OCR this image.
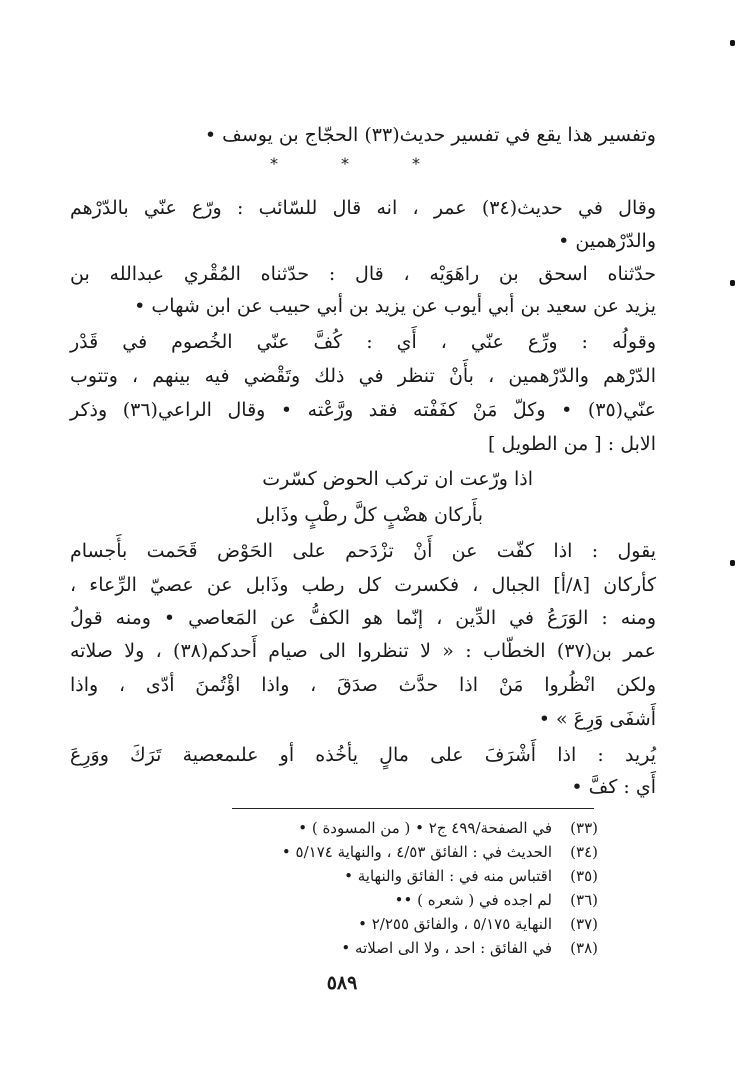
وتفسير هذا يقع في تفسير حديث(٣٣) الحجّاج بن يوسف •
*	*	*
وقال في حديث(٣٤) عمر ، انه قال للسّائب : ورّع عنّي بالدّرْهم
والدّرْهمين •
حدّثناه اسحق بن راهَوَيْه ، قال : حدّثناه المُقْري عبدالله بن
يزيد عن سعيد بن أبي أيوب عن يزيد بن أبي حبيب عن ابن شهاب •
وقولُه : ورِّع عنّي ، أَي : كُفَّ عنّي الخُصوم في قَدْر
الدّرْهم والدّرْهمين ، بأَنْ تنظر في ذلك وتَقْضي فيه بينهم ، وتتوب
عنّي(٣٥) • وكلّ مَنْ كفَفْته فقد ورَّعْته • وقال الراعي(٣٦) وذكر
الابل : [ من الطويل ]
اذا ورّعت ان تركب الحوض كسّرت
بأَركان هضْبٍ كلَّ رطْبٍ وذَابل
يقول : اذا كفّت عن أَنْ تزْدَحم على الحَوْض قَحَمت بأَجسام
كأركان [٨/أ] الجبال ، فكسرت كل رطب وذَابل عن عصيّ الرِّعاء ،
ومنه : الوَرَعُ في الدِّين ، إنّما هو الكفُّ عن المَعاصي • ومنه قولُ
عمر بن(٣٧) الخطّاب : « لا تنظروا الى صيام أَحدكم(٣٨) ، ولا صلاته
ولكن انْظُروا مَنْ اذا حدَّث صدَقَ ، واذا اؤْتُمنَ أدّى ، واذا
أَشفَى وَرِعَ » •
يُريد : اذا أَشْرَفَ على مالٍ يأخُذه أو علىمعصية تَرَكَ ووَرِعَ
أَي : كفَّ •
(٣٣)
في الصفحة/٤٩٩ ج٢ • ( من المسودة ) •
(٣٤)
الحديث في : الفائق ٤/٥٣ ، والنهاية ٥/١٧٤ •
(٣٥)
اقتباس منه في : الفائق والنهاية •
(٣٦)
لم اجده في ( شعره ) ••
(٣٧)
النهاية ٥/١٧٥ ، والفائق ٢/٢٥٥ •
(٣٨)
في الفائق : احد ، ولا الى اصلاته •
٥٨٩
